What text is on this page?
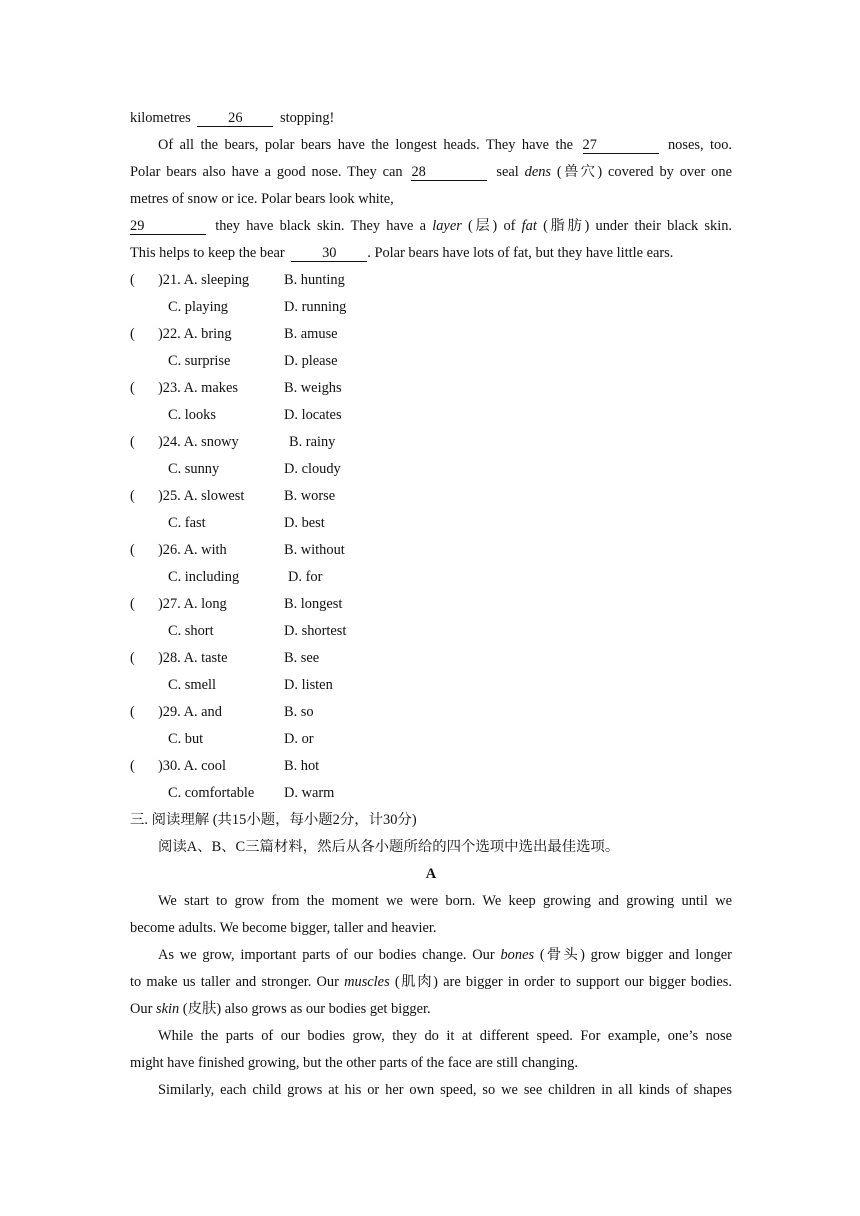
kilometres	26	stopping!
Of all the bears, polar bears have the longest heads. They have the 27	noses, too.
Polar bears also have a good nose. They can 28	seal dens (兽穴) covered by over one
metres of snow or ice. Polar bears look white,
29	they have black skin. They have a layer (层) of fat (脂肪) under their black skin.
This helps to keep the bear	30 . Polar bears have lots of fat, but they have little ears.
( )21. A. sleeping B. hunting
C. playing	D. running
( )22. A. bring	B. amuse
C. surprise	D. please
( )23. A. makes	B. weighs
C. looks	D. locates
( )24. A. snowy	B. rainy
C. sunny	D. cloudy
( )25. A. slowest	B. worse
C. fast	D. best
( )26. A. with	B. without
C. including	D. for
( )27. A. long	B. longest
C. short	D. shortest
( )28. A. taste	B. see
C. smell	D. listen
( )29. A. and	B. so
C. but	D. or
( )30. A. cool	B. hot
C. comfortable D. warm
三. 阅读理解 (共15小题，每小题2分，计30分)
阅读A、B、C三篇材料，然后从各小题所给的四个选项中选出最佳选项。
A
We start to grow from the moment we were born. We keep growing and growing until we
become adults. We become bigger, taller and heavier.
As we grow, important parts of our bodies change. Our bones (骨头) grow bigger and longer
to make us taller and stronger. Our muscles (肌肉) are bigger in order to support our bigger bodies.
Our skin (皮肤) also grows as our bodies get bigger.
While the parts of our bodies grow, they do it at different speed. For example, one’s nose
might have finished growing, but the other parts of the face are still changing.
Similarly, each child grows at his or her own speed, so we see children in all kinds of shapes
